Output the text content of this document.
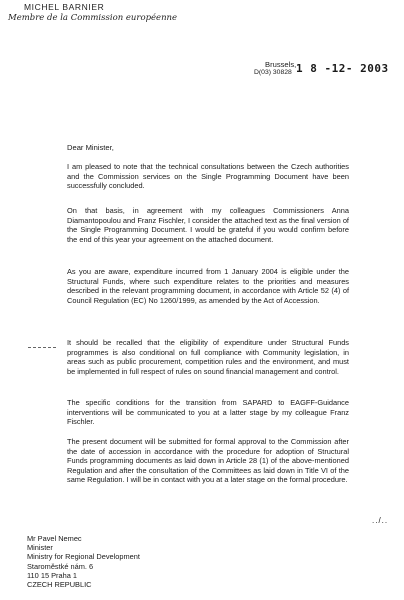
MICHEL BARNIER
Membre de la Commission européenne
Brussels,
D(03) 30828 1 8 -12- 2003
Dear Minister,

I am pleased to note that the technical consultations between the Czech authorities and the Commission services on the Single Programming Document have been successfully concluded.

On that basis, in agreement with my colleagues Commissioners Anna Diamantopoulou and Franz Fischler, I consider the attached text as the final version of the Single Programming Document. I would be grateful if you would confirm before the end of this year your agreement on the attached document.

As you are aware, expenditure incurred from 1 January 2004 is eligible under the Structural Funds, where such expenditure relates to the priorities and measures described in the relevant programming document, in accordance with Article 52 (4) of Council Regulation (EC) No 1260/1999, as amended by the Act of Accession.

It should be recalled that the eligibility of expenditure under Structural Funds programmes is also conditional on full compliance with Community legislation, in areas such as public procurement, competition rules and the environment, and must be implemented in full respect of rules on sound financial management and control.

The specific conditions for the transition from SAPARD to EAGFF-Guidance interventions will be communicated to you at a latter stage by my colleague Franz Fischler.

The present document will be submitted for formal approval to the Commission after the date of accession in accordance with the procedure for adoption of Structural Funds programming documents as laid down in Article 28 (1) of the above-mentioned Regulation and after the consultation of the Committees as laid down in Title VI of the same Regulation. I will be in contact with you at a later stage on the formal procedure.

../..
Mr Pavel Nemec
Minister
Ministry for Regional Development
Staroměstké nám. 6
110 15 Praha 1
CZECH REPUBLIC
